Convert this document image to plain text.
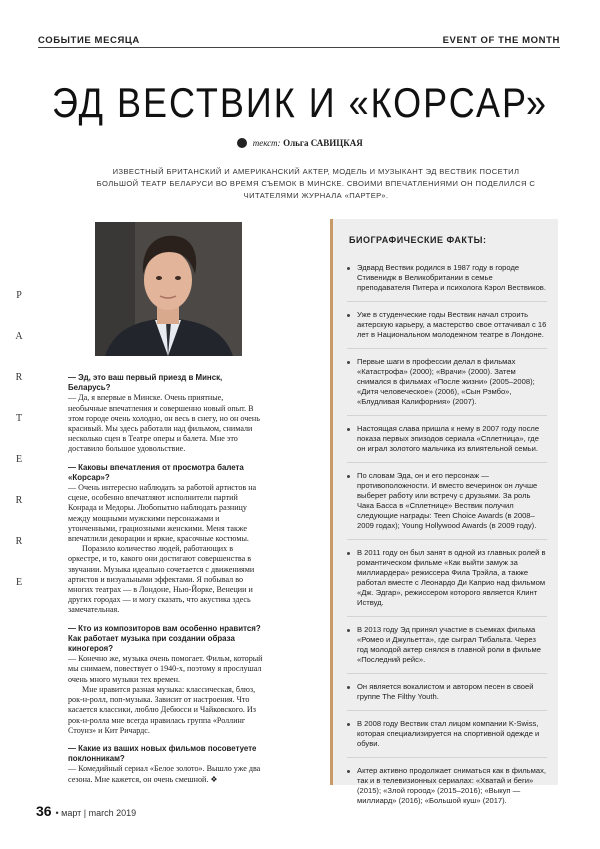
СОБЫТИЕ МЕСЯЦА	EVENT OF THE MONTH
ЭД ВЕСТВИК И «КОРСАР»
текст: Ольга САВИЦКАЯ
ИЗВЕСТНЫЙ БРИТАНСКИЙ И АМЕРИКАНСКИЙ АКТЕР, МОДЕЛЬ И МУЗЫКАНТ ЭД ВЕСТВИК ПОСЕТИЛ БОЛЬШОЙ ТЕАТР БЕЛАРУСИ ВО ВРЕМЯ СЪЕМОК В МИНСКЕ. СВОИМИ ВПЕЧАТЛЕНИЯМИ ОН ПОДЕЛИЛСЯ С ЧИТАТЕЛЯМИ ЖУРНАЛА «ПАРТЕР».
P
A
R
T
E
R
R
E

— Эд, это ваш первый приезд в Минск, Беларусь?

— Да, я впервые в Минске. Очень приятные, необычные впечатления и совершенно новый опыт. В этом городе очень холодно, он весь в снегу, но он очень красивый. Мы здесь работали над фильмом, снимали несколько сцен в Театре оперы и балета. Мне это доставило большое удовольствие.

— Каковы впечатления от просмотра балета «Корсар»?

— Очень интересно наблюдать за работой артистов на сцене, особенно впечатляют исполнители партий Конрада и Медоры. Любопытно наблюдать разницу между мощными мужскими персонажами и утонченными, грациозными женскими. Меня также впечатлили декорации и яркие, красочные костюмы.

Поразило количество людей, работающих в оркестре, и то, какого они достигают совершенства в звучании. Музыка идеально сочетается с движениями артистов и визуальными эффектами. Я побывал во многих театрах — в Лондоне, Нью-Йорке, Венеции и других городах — и могу сказать, что акустика здесь замечательная.

— Кто из композиторов вам особенно нравится? Как работает музыка при создании образа киногероя?

— Конечно же, музыка очень помогает. Фильм, который мы снимаем, повествует о 1940-х, поэтому я прослушал очень много музыки тех времен.

Мне нравится разная музыка: классическая, блюз, рок-н-ролл, поп-музыка. Зависит от настроения. Что касается классики, люблю Дебюсси и Чайковского. Из рок-н-ролла мне всегда нравилась группа «Роллинг Стоунз» и Кит Ричардс.

— Какие из ваших новых фильмов посоветуете поклонникам?

— Комедийный сериал «Белое золото». Вышло уже два сезона. Мне кажется, он очень смешной. ❖

БИОГРАФИЧЕСКИЕ ФАКТЫ:
Эдвард Вествик родился в 1987 году в городе Стивенидж в Великобритании в семье преподавателя Питера и психолога Кэрол Вествиков.
Уже в студенческие годы Вествик начал строить актерскую карьеру, а мастерство свое оттачивал с 16 лет в Национальном молодежном театре в Лондоне.
Первые шаги в профессии делал в фильмах «Катастрофа» (2000); «Врачи» (2000). Затем снимался в фильмах «После жизни» (2005–2008); «Дитя человеческое» (2006), «Сын Рэмбо», «Блудливая Калифорния» (2007).
Настоящая слава пришла к нему в 2007 году после показа первых эпизодов сериала «Сплетница», где он играл золотого мальчика из влиятельной семьи.
По словам Эда, он и его персонаж — противоположности. И вместо вечеринок он лучше выберет работу или встречу с друзьями. За роль Чака Басса в «Сплетнице» Вествик получил следующие награды: Teen Choice Awards (в 2008–2009 годах); Young Hollywood Awards (в 2009 году).
В 2011 году он был занят в одной из главных ролей в романтическом фильме «Как выйти замуж за миллиардера» режиссера Фила Трэйла, а также работал вместе с Леонардо Ди Каприо над фильмом «Дж. Эдгар», режиссером которого является Клинт Иствуд.
В 2013 году Эд принял участие в съемках фильма «Ромео и Джульетта», где сыграл Тибальта. Через год молодой актер снялся в главной роли в фильме «Последний рейс».
Он является вокалистом и автором песен в своей группе The Filthy Youth.
В 2008 году Вествик стал лицом компании K-Swiss, которая специализируется на спортивной одежде и обуви.
Актер активно продолжает сниматься как в фильмах, так и в телевизионных сериалах: «Хватай и беги» (2015); «Злой гороод» (2015–2016); «Выкуп — миллиард» (2016); «Большой куш» (2017).
36 • март | march 2019
